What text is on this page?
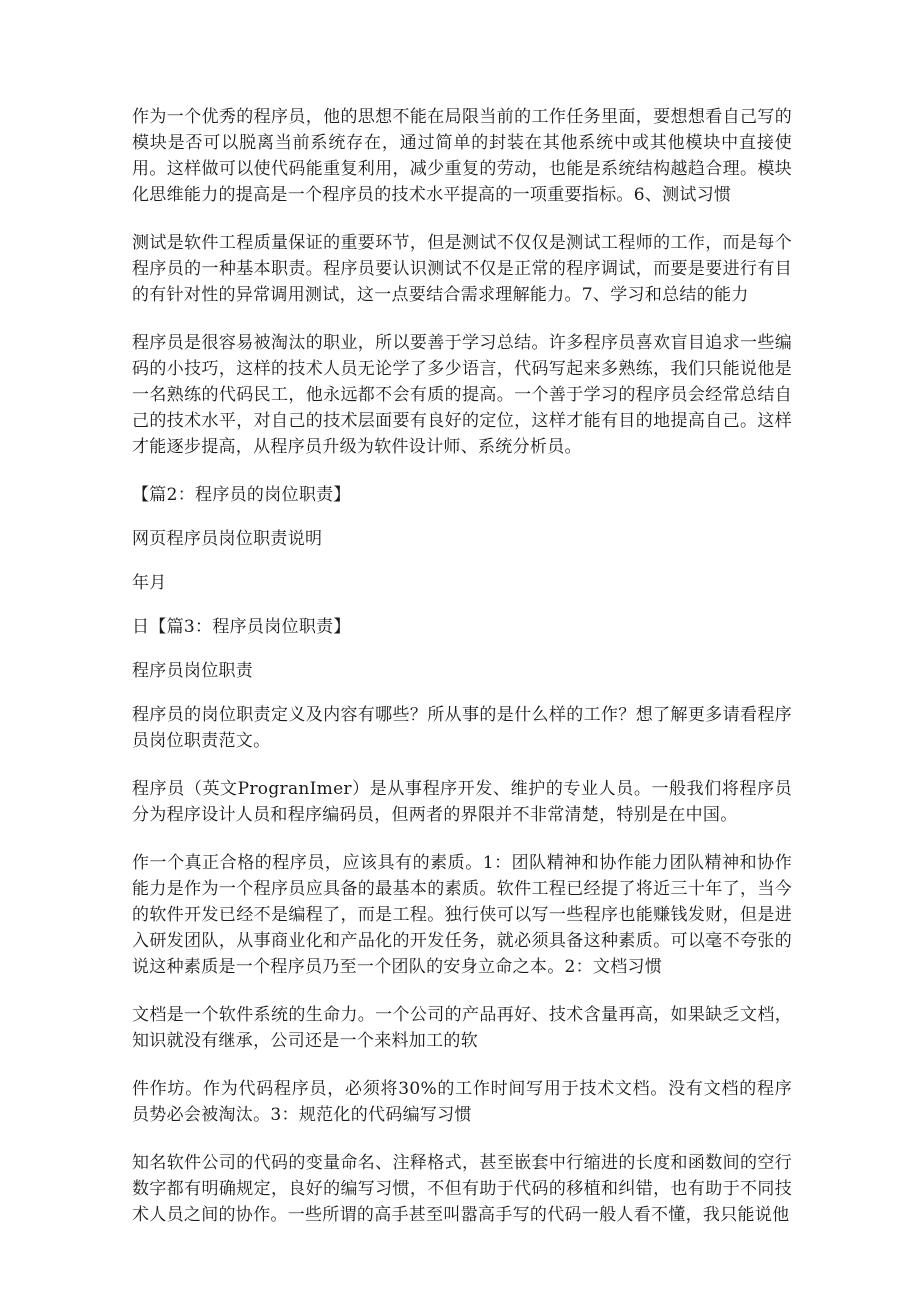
作为一个优秀的程序员，他的思想不能在局限当前的工作任务里面，要想想看自己写的模块是否可以脱离当前系统存在，通过简单的封装在其他系统中或其他模块中直接使用。这样做可以使代码能重复利用，减少重复的劳动，也能是系统结构越趋合理。模块化思维能力的提高是一个程序员的技术水平提高的一项重要指标。6、测试习惯

测试是软件工程质量保证的重要环节，但是测试不仅仅是测试工程师的工作，而是每个程序员的一种基本职责。程序员要认识测试不仅是正常的程序调试，而要是要进行有目的有针对性的异常调用测试，这一点要结合需求理解能力。7、学习和总结的能力

程序员是很容易被淘汰的职业，所以要善于学习总结。许多程序员喜欢盲目追求一些编码的小技巧，这样的技术人员无论学了多少语言，代码写起来多熟练，我们只能说他是一名熟练的代码民工，他永远都不会有质的提高。一个善于学习的程序员会经常总结自己的技术水平，对自己的技术层面要有良好的定位，这样才能有目的地提高自己。这样才能逐步提高，从程序员升级为软件设计师、系统分析员。

【篇2：程序员的岗位职责】

网页程序员岗位职责说明

年月

日【篇3：程序员岗位职责】

程序员岗位职责

程序员的岗位职责定义及内容有哪些？所从事的是什么样的工作？想了解更多请看程序员岗位职责范文。

程序员（英文ProgranImer）是从事程序开发、维护的专业人员。一般我们将程序员分为程序设计人员和程序编码员，但两者的界限并不非常清楚，特别是在中国。

作一个真正合格的程序员，应该具有的素质。1：团队精神和协作能力团队精神和协作能力是作为一个程序员应具备的最基本的素质。软件工程已经提了将近三十年了，当今的软件开发已经不是编程了，而是工程。独行侠可以写一些程序也能赚钱发财，但是进入研发团队，从事商业化和产品化的开发任务，就必须具备这种素质。可以毫不夸张的说这种素质是一个程序员乃至一个团队的安身立命之本。2：文档习惯

文档是一个软件系统的生命力。一个公司的产品再好、技术含量再高，如果缺乏文档，知识就没有继承，公司还是一个来料加工的软

件作坊。作为代码程序员，必须将30%的工作时间写用于技术文档。没有文档的程序员势必会被淘汰。3：规范化的代码编写习惯

知名软件公司的代码的变量命名、注释格式，甚至嵌套中行缩进的长度和函数间的空行数字都有明确规定，良好的编写习惯，不但有助于代码的移植和纠错，也有助于不同技术人员之间的协作。一些所谓的高手甚至叫嚣高手写的代码一般人看不懂，我只能说他
